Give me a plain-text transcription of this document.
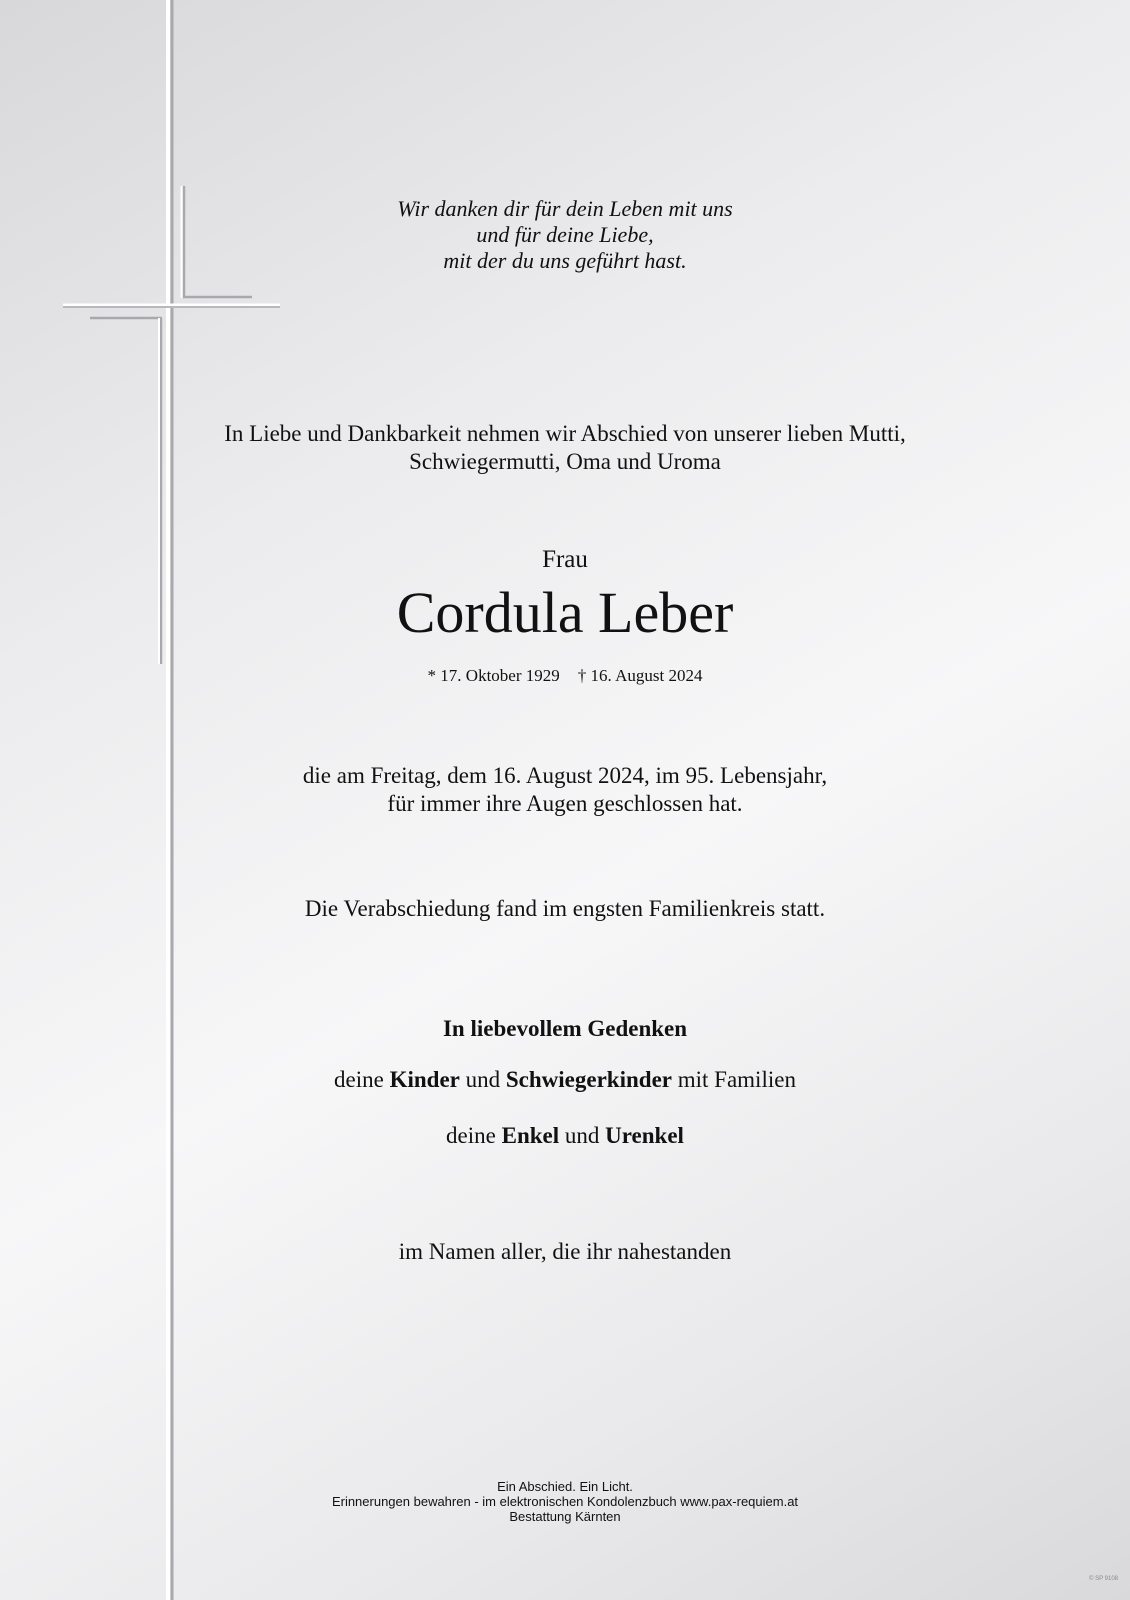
Wir danken dir für dein Leben mit uns
und für deine Liebe,
mit der du uns geführt hast.
In Liebe und Dankbarkeit nehmen wir Abschied von unserer lieben Mutti,
Schwiegermutti, Oma und Uroma
Frau
Cordula Leber
* 17. Oktober 1929 † 16. August 2024
die am Freitag, dem 16. August 2024, im 95. Lebensjahr,
für immer ihre Augen geschlossen hat.
Die Verabschiedung fand im engsten Familienkreis statt.
In liebevollem Gedenken
deine Kinder und Schwiegerkinder mit Familien
deine Enkel und Urenkel
im Namen aller, die ihr nahestanden
Ein Abschied. Ein Licht.
Erinnerungen bewahren - im elektronischen Kondolenzbuch www.pax-requiem.at
Bestattung Kärnten
© SP 9108
